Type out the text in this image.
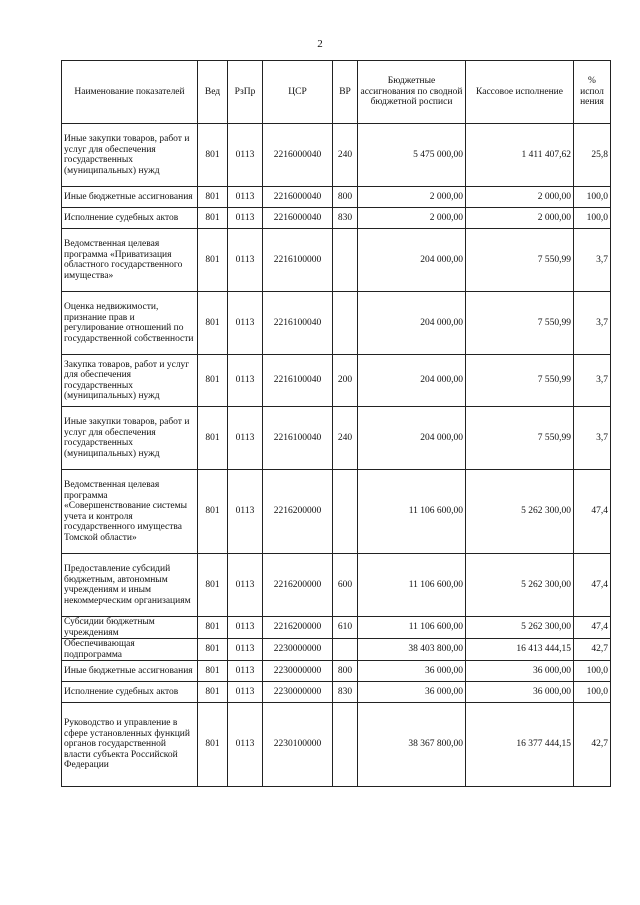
2
Наименование показателей	Вед	РзПр	ЦСР	ВР	Бюджетные ассигнования по сводной бюджетной росписи	Кассовое исполнение	% испол нения
Иные закупки товаров, работ и услуг для обеспечения государственных (муниципальных) нужд	801	0113	2216000040	240	5 475 000,00	1 411 407,62	25,8
Иные бюджетные ассигнования	801	0113	2216000040	800	2 000,00	2 000,00	100,0
Исполнение судебных актов	801	0113	2216000040	830	2 000,00	2 000,00	100,0
Ведомственная целевая программа «Приватизация областного государственного имущества»	801	0113	2216100000		204 000,00	7 550,99	3,7
Оценка недвижимости, признание прав и регулирование отношений по государственной собственности	801	0113	2216100040		204 000,00	7 550,99	3,7
Закупка товаров, работ и услуг для обеспечения государственных (муниципальных) нужд	801	0113	2216100040	200	204 000,00	7 550,99	3,7
Иные закупки товаров, работ и услуг для обеспечения государственных (муниципальных) нужд	801	0113	2216100040	240	204 000,00	7 550,99	3,7
Ведомственная целевая программа «Совершенствование системы учета и контроля государственного имущества Томской области»	801	0113	2216200000		11 106 600,00	5 262 300,00	47,4
Предоставление субсидий бюджетным, автономным учреждениям и иным некоммерческим организациям	801	0113	2216200000	600	11 106 600,00	5 262 300,00	47,4
Субсидии бюджетным учреждениям	801	0113	2216200000	610	11 106 600,00	5 262 300,00	47,4
Обеспечивающая подпрограмма	801	0113	2230000000		38 403 800,00	16 413 444,15	42,7
Иные бюджетные ассигнования	801	0113	2230000000	800	36 000,00	36 000,00	100,0
Исполнение судебных актов	801	0113	2230000000	830	36 000,00	36 000,00	100,0
Руководство и управление в сфере установленных функций органов государственной власти субъекта Российской Федерации	801	0113	2230100000		38 367 800,00	16 377 444,15	42,7
